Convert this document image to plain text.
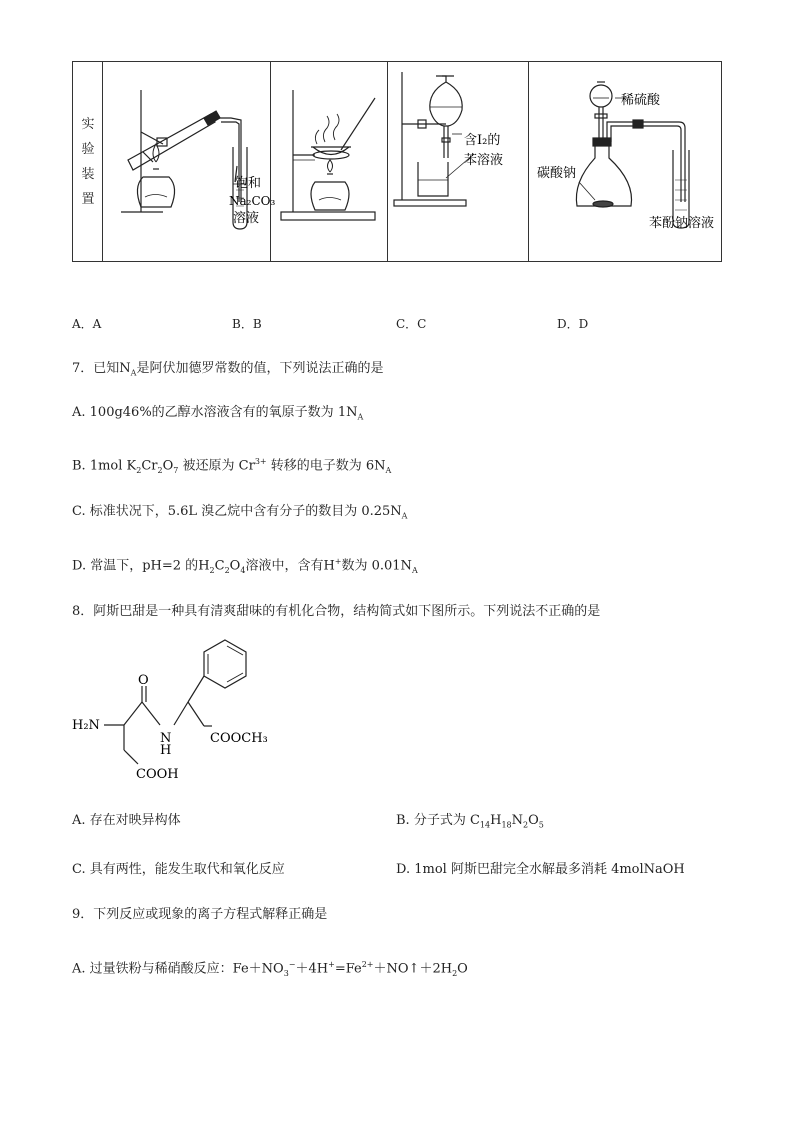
实
验
装
置
饱和
Na₂CO₃
溶液
含I₂的
苯溶液
稀硫酸
碳酸钠
苯酚钠溶液
A．A	B．B	C．C	D．D
7．已知$N_A$是阿伏加德罗常数的值，下列说法正确的是
A. 100g46%的乙醇水溶液含有的氧原子数为 $1N_A$
B. 1mol $K_2Cr_2O_7$ 被还原为 $Cr^{3+}$ 转移的电子数为 $6N_A$
C. 标准状况下，5.6L 溴乙烷中含有分子的数目为 $0.25N_A$
D. 常温下，pH=2 的$H_2C_2O_4$溶液中，含有H+数为 $0.01N_A$
8．阿斯巴甜是一种具有清爽甜味的有机化合物，结构简式如下图所示。下列说法不正确的是
O
N
H
H₂N
COOH
COOCH₃
A. 存在对映异构体	B. 分子式为 $C_{14}H_{18}N_2O_5$
C. 具有两性，能发生取代和氧化反应	D. 1mol 阿斯巴甜完全水解最多消耗 4molNaOH
9．下列反应或现象的离子方程式解释正确是
A. 过量铁粉与稀硝酸反应：$Fe+NO_3^-+4H^+=Fe^{2+}+NO↑+2H_2O$
